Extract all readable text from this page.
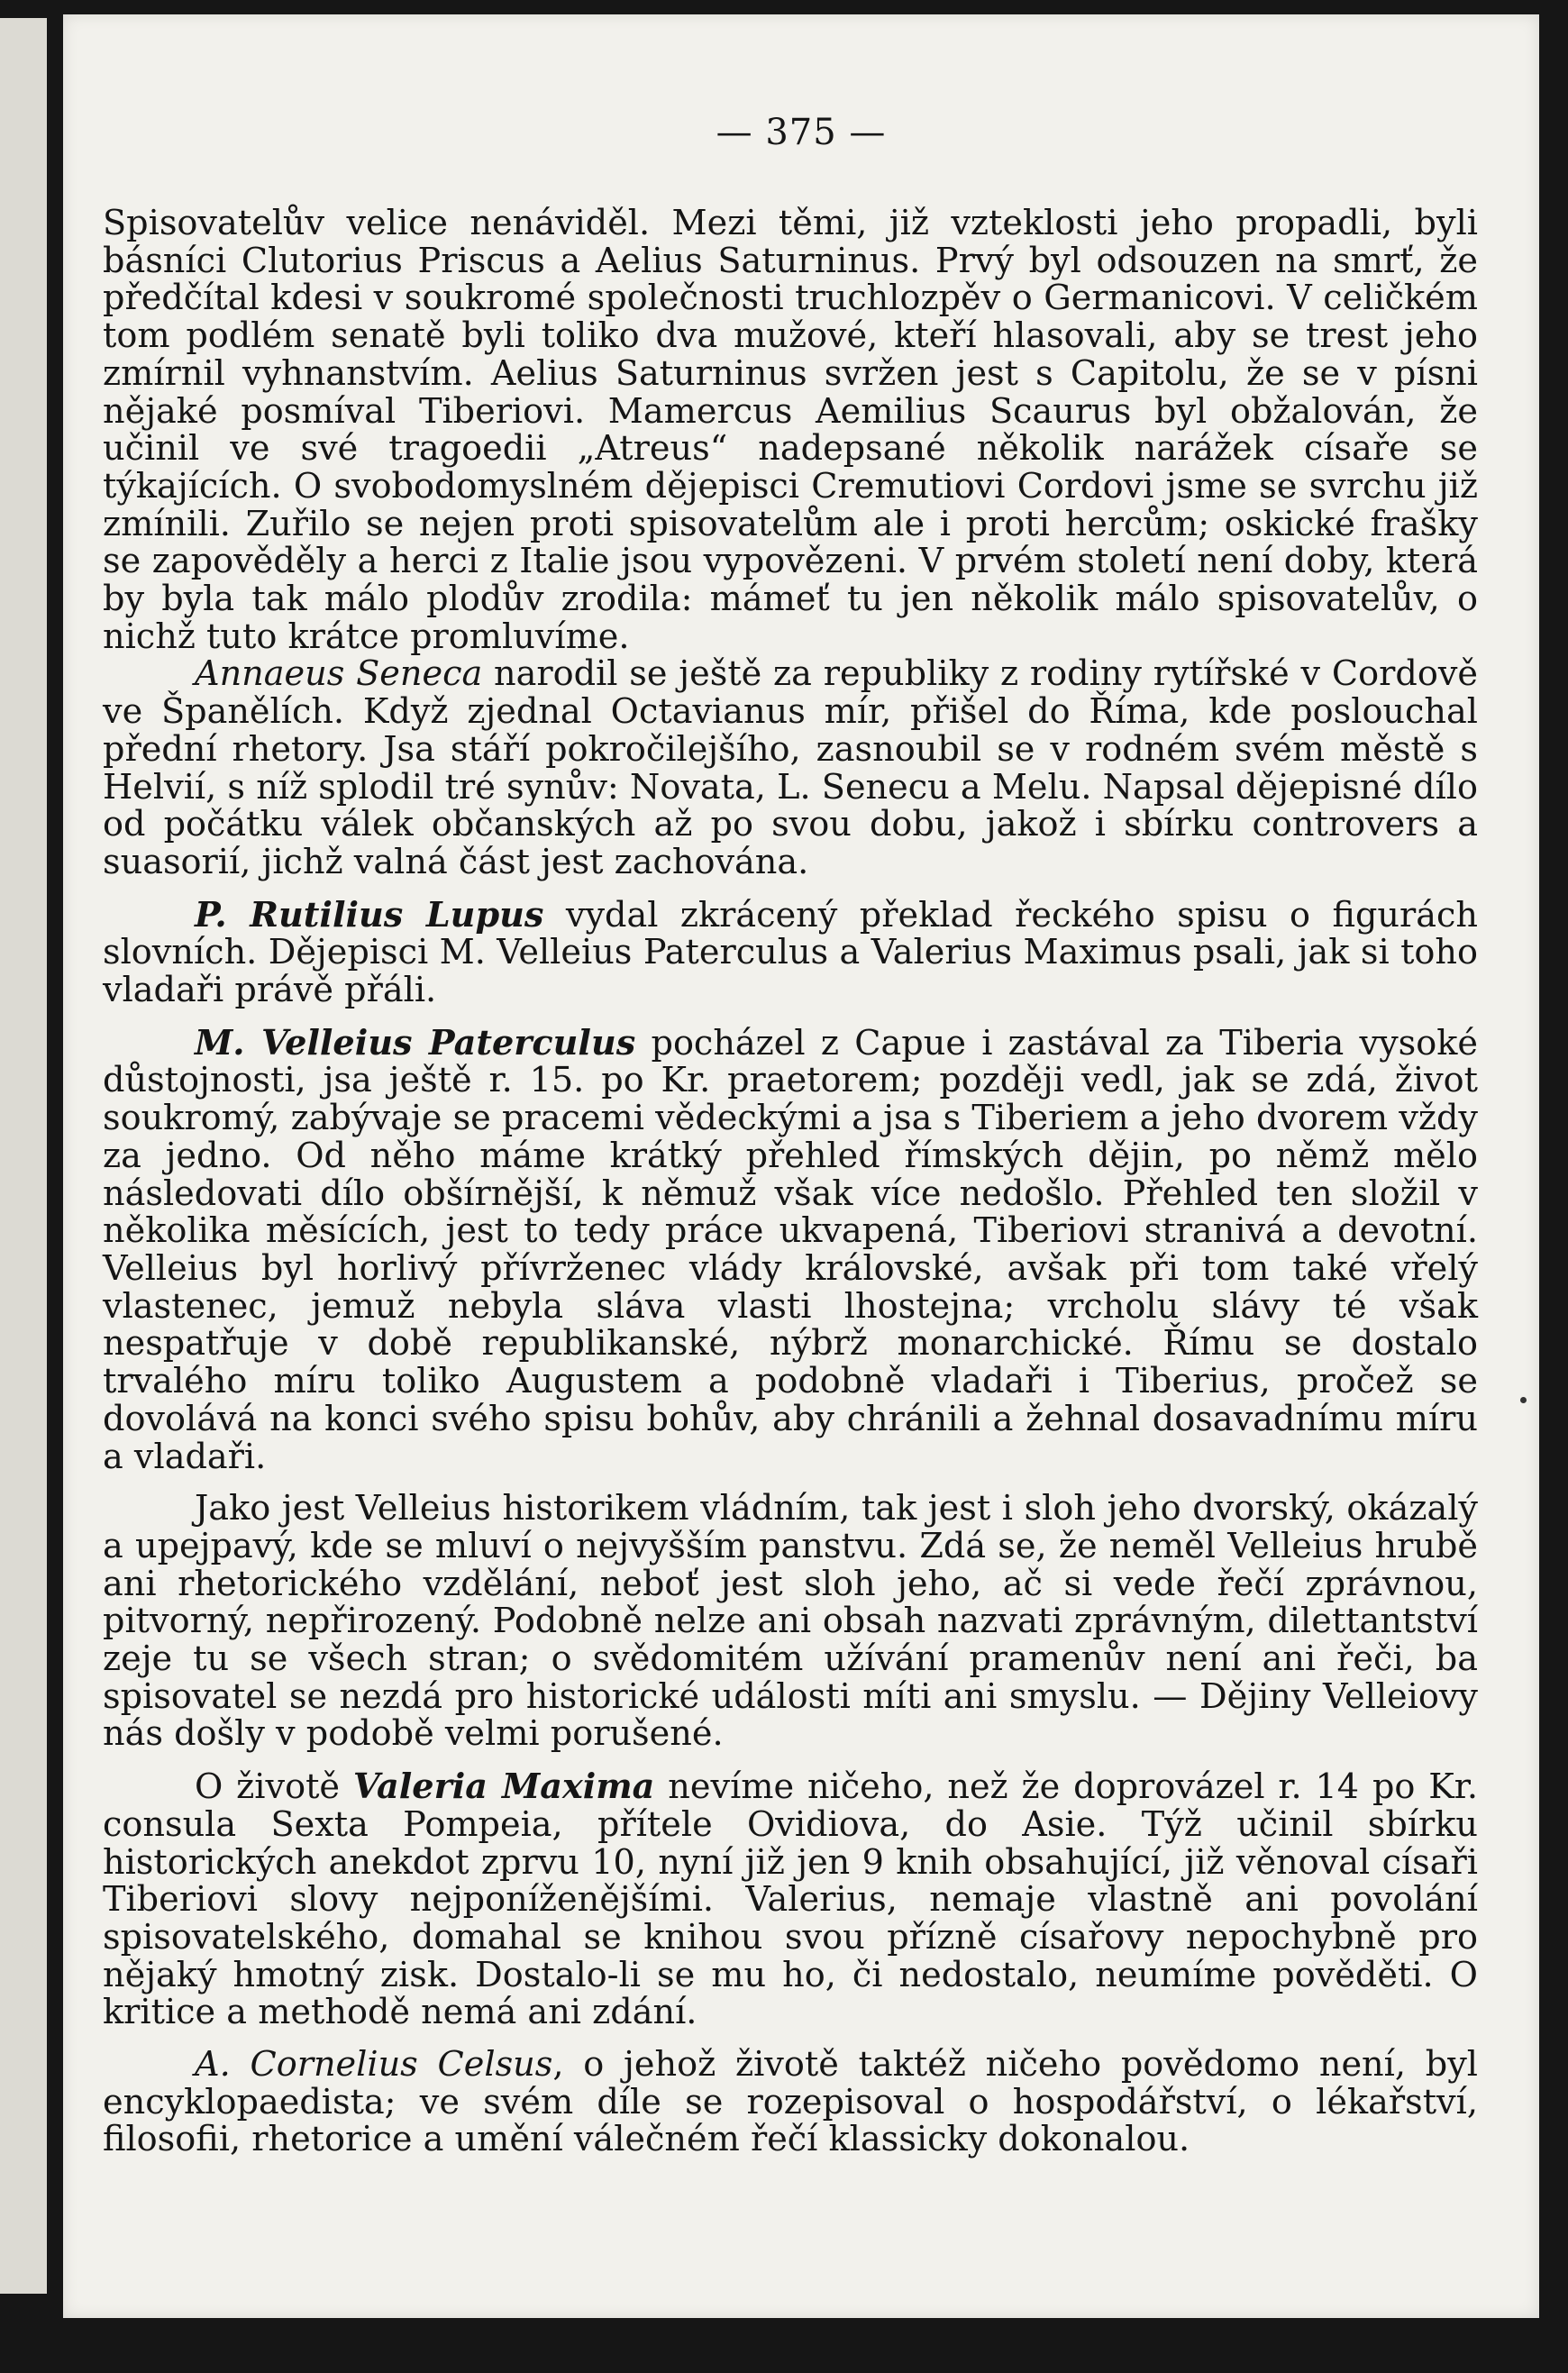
— 375 —

Spisovatelův velice nenáviděl. Mezi těmi, již vzteklosti jeho propadli, byli básníci Clutorius Priscus a Aelius Saturninus. Prvý byl odsouzen na smrť, že předčítal kdesi v soukromé společnosti truchlozpěv o Germanicovi. V celičkém tom podlém senatě byli toliko dva mužové, kteří hlasovali, aby se trest jeho zmírnil vyhnanstvím. Aelius Saturninus svržen jest s Capitolu, že se v písni nějaké posmíval Tiberiovi. Mamercus Aemilius Scaurus byl obžalován, že učinil ve své tragoedii „Atreus“ nadepsané několik narážek císaře se týkajících. O svobodomyslném dějepisci Cremutiovi Cordovi jsme se svrchu již zmínili. Zuřilo se nejen proti spisovatelům ale i proti hercům; oskické frašky se zapověděly a herci z Italie jsou vypovězeni. V prvém století není doby, která by byla tak málo plodův zrodila: mámeť tu jen několik málo spisovatelův, o nichž tuto krátce promluvíme.

Annaeus Seneca narodil se ještě za republiky z rodiny rytířské v Cordově ve Španělích. Když zjednal Octavianus mír, přišel do Říma, kde poslouchal přední rhetory. Jsa stáří pokročilejšího, zasnoubil se v rodném svém městě s Helvií, s níž splodil tré synův: Novata, L. Senecu a Melu. Napsal dějepisné dílo od počátku válek občanských až po svou dobu, jakož i sbírku controvers a suasorií, jichž valná část jest zachována.

P. Rutilius Lupus vydal zkrácený překlad řeckého spisu o figurách slovních. Dějepisci M. Velleius Paterculus a Valerius Maximus psali, jak si toho vladaři právě přáli.

M. Velleius Paterculus pocházel z Capue i zastával za Tiberia vysoké důstojnosti, jsa ještě r. 15. po Kr. praetorem; později vedl, jak se zdá, život soukromý, zabývaje se pracemi vědeckými a jsa s Tiberiem a jeho dvorem vždy za jedno. Od něho máme krátký přehled římských dějin, po němž mělo následovati dílo obšírnější, k němuž však více nedošlo. Přehled ten složil v několika měsících, jest to tedy práce ukvapená, Tiberiovi stranivá a devotní. Velleius byl horlivý přívrženec vlády královské, avšak při tom také vřelý vlastenec, jemuž nebyla sláva vlasti lhostejna; vrcholu slávy té však nespatřuje v době republikanské, nýbrž monarchické. Římu se dostalo trvalého míru toliko Augustem a podobně vladaři i Tiberius, pročež se dovolává na konci svého spisu bohův, aby chránili a žehnal dosavadnímu míru a vladaři.

Jako jest Velleius historikem vládním, tak jest i sloh jeho dvorský, okázalý a upejpavý, kde se mluví o nejvyšším panstvu. Zdá se, že neměl Velleius hrubě ani rhetorického vzdělání, neboť jest sloh jeho, ač si vede řečí zprávnou, pitvorný, nepřirozený. Podobně nelze ani obsah nazvati zprávným, dilettantství zeje tu se všech stran; o svědomitém užívání pramenův není ani řeči, ba spisovatel se nezdá pro historické události míti ani smyslu. — Dějiny Velleiovy nás došly v podobě velmi porušené.

O životě Valeria Maxima nevíme ničeho, než že doprovázel r. 14 po Kr. consula Sexta Pompeia, přítele Ovidiova, do Asie. Týž učinil sbírku historických anekdot zprvu 10, nyní již jen 9 knih obsahující, již věnoval císaři Tiberiovi slovy nejponíženějšími. Valerius, nemaje vlastně ani povolání spisovatelského, domahal se knihou svou přízně císařovy nepochybně pro nějaký hmotný zisk. Dostalo-li se mu ho, či nedostalo, neumíme pověděti. O kritice a methodě nemá ani zdání.

A. Cornelius Celsus, o jehož životě taktéž ničeho povědomo není, byl encyklopaedista; ve svém díle se rozepisoval o hospodářství, o lékařství, filosofii, rhetorice a umění válečném řečí klassicky dokonalou.
